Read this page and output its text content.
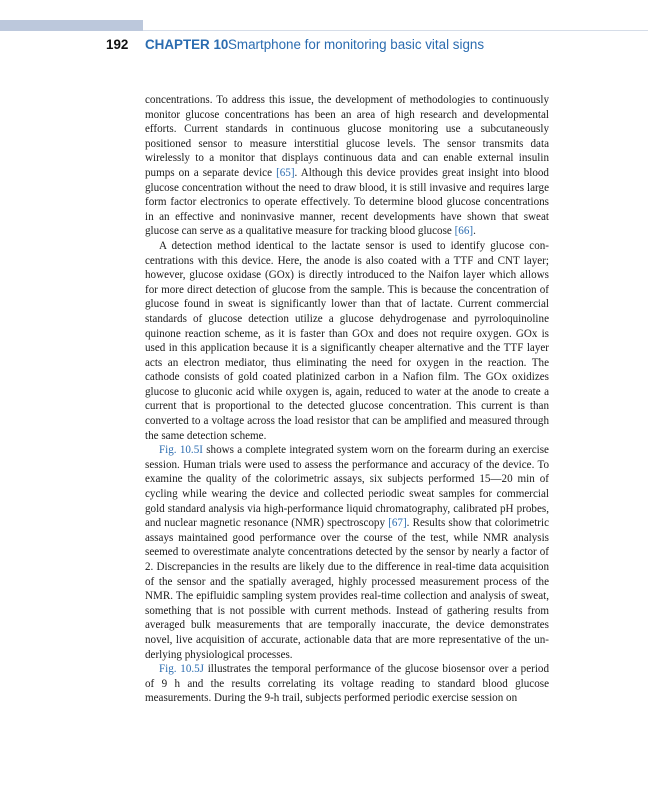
192 CHAPTER 10 Smartphone for monitoring basic vital signs

concentrations. To address this issue, the development of methodologies to continuously monitor glucose concentrations has been an area of high research and developmental efforts. Current standards in continuous glucose monitoring use a subcutaneously positioned sensor to measure interstitial glucose levels. The sensor transmits data wirelessly to a monitor that displays continuous data and can enable external insulin pumps on a separate device [65]. Although this device provides great insight into blood glucose concentration without the need to draw blood, it is still invasive and requires large form factor electronics to operate effectively. To determine blood glucose concentrations in an effective and noninvasive manner, recent developments have shown that sweat glucose can serve as a qualitative measure for tracking blood glucose [66].

A detection method identical to the lactate sensor is used to identify glucose concentrations with this device. Here, the anode is also coated with a TTF and CNT layer; however, glucose oxidase (GOx) is directly introduced to the Naifon layer which allows for more direct detection of glucose from the sample. This is because the concentration of glucose found in sweat is significantly lower than that of lactate. Current commercial standards of glucose detection utilize a glucose dehydrogenase and pyrroloquinoline quinone reaction scheme, as it is faster than GOx and does not require oxygen. GOx is used in this application because it is a significantly cheaper alternative and the TTF layer acts an electron mediator, thus eliminating the need for oxygen in the reaction. The cathode consists of gold coated platinized carbon in a Nafion film. The GOx oxidizes glucose to gluconic acid while oxygen is, again, reduced to water at the anode to create a current that is proportional to the detected glucose concentration. This current is than converted to a voltage across the load resistor that can be amplified and measured through the same detection scheme.

Fig. 10.5I shows a complete integrated system worn on the forearm during an exercise session. Human trials were used to assess the performance and accuracy of the device. To examine the quality of the colorimetric assays, six subjects performed 15—20 min of cycling while wearing the device and collected periodic sweat samples for commercial gold standard analysis via high-performance liquid chromatography, calibrated pH probes, and nuclear magnetic resonance (NMR) spectroscopy [67]. Results show that colorimetric assays maintained good performance over the course of the test, while NMR analysis seemed to overestimate analyte concentrations detected by the sensor by nearly a factor of 2. Discrepancies in the results are likely due to the difference in real-time data acquisition of the sensor and the spatially averaged, highly processed measurement process of the NMR. The epifluidic sampling system provides real-time collection and analysis of sweat, something that is not possible with current methods. Instead of gathering results from averaged bulk measurements that are temporally inaccurate, the device demonstrates novel, live acquisition of accurate, actionable data that are more representative of the underlying physiological processes.

Fig. 10.5J illustrates the temporal performance of the glucose biosensor over a period of 9 h and the results correlating its voltage reading to standard blood glucose measurements. During the 9-h trail, subjects performed periodic exercise session on
